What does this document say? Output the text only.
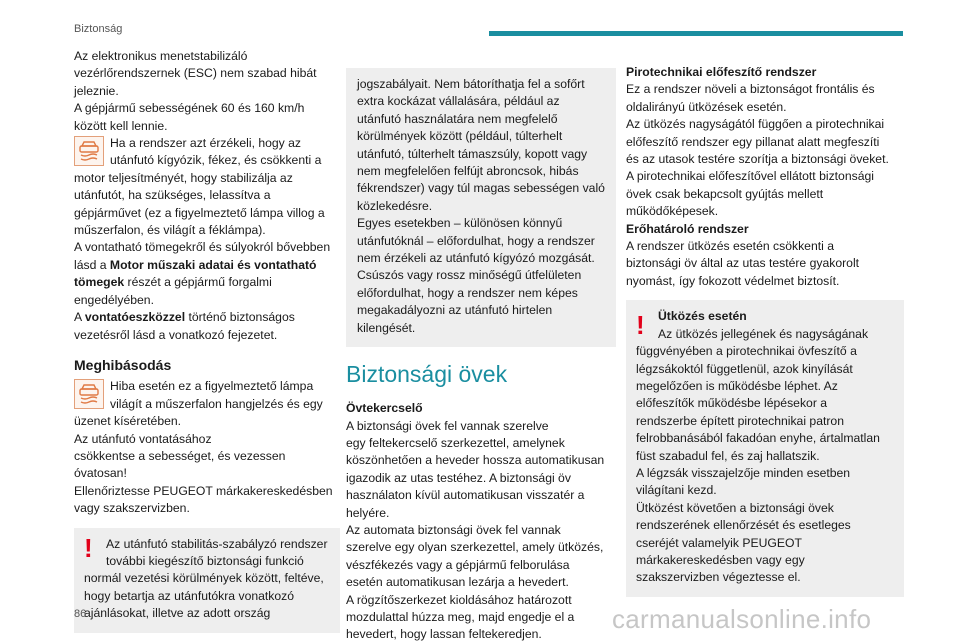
Biztonság

Az elektronikus menetstabilizáló
vezérlőrendszernek (ESC) nem szabad hibát
jeleznie.
A gépjármű sebességének 60 és 160 km/h
között kell lennie.

Ha a rendszer azt érzékeli, hogy az
utánfutó kígyózik, fékez, és csökkenti a
motor teljesítményét, hogy stabilizálja az
utánfutót, ha szükséges, lelassítva a
gépjárművet (ez a figyelmeztető lámpa villog a
műszerfalon, és világít a féklámpa).

A vontatható tömegekről és súlyokról bővebben lásd a Motor műszaki adatai és vontatható tömegek részét a gépjármű forgalmi engedélyében.

A vontatóeszközzel történő biztonságos vezetésről lásd a vonatkozó fejezetet.

Meghibásodás

Hiba esetén ez a figyelmeztető lámpa
világít a műszerfalon hangjelzés és egy
üzenet kíséretében.

Az utánfutó vontatásához
csökkentse a sebességet, és vezessen
óvatosan!
Ellenőriztesse PEUGEOT márkakereskedésben
vagy szakszervizben.

!	Az utánfutó stabilitás-szabályzó rendszer
további kiegészítő biztonsági funkció
normál vezetési körülmények között, feltéve,
hogy betartja az utánfutókra vonatkozó
ajánlásokat, illetve az adott ország

jogszabályait. Nem bátoríthatja fel a sofőrt
extra kockázat vállalására, például az
utánfutó használatára nem megfelelő
körülmények között (például, túlterhelt
utánfutó, túlterhelt támaszsúly, kopott vagy
nem megfelelően felfújt abroncsok, hibás
fékrendszer) vagy túl magas sebességen való
közlekedésre.
Egyes esetekben – különösen könnyű
utánfutóknál – előfordulhat, hogy a rendszer
nem érzékeli az utánfutó kígyózó mozgását.
Csúszós vagy rossz minőségű útfelületen
előfordulhat, hogy a rendszer nem képes
megakadályozni az utánfutó hirtelen
kilengését.

Biztonsági övek

Övtekercselő

A biztonsági övek fel vannak szerelve
egy feltekercselő szerkezettel, amelynek
köszönhetően a heveder hossza automatikusan
igazodik az utas testéhez. A biztonsági öv
használaton kívül automatikusan visszatér a
helyére.
Az automata biztonsági övek fel vannak
szerelve egy olyan szerkezettel, amely ütközés,
vészfékezés vagy a gépjármű felborulása
esetén automatikusan lezárja a hevedert.
A rögzítőszerkezet kioldásához határozott
mozdulattal húzza meg, majd engedje el a
hevedert, hogy lassan feltekeredjen.

Pirotechnikai előfeszítő rendszer

Ez a rendszer növeli a biztonságot frontális és
oldalirányú ütközések esetén.
Az ütközés nagyságától függően a pirotechnikai
előfeszítő rendszer egy pillanat alatt megfeszíti
és az utasok testére szorítja a biztonsági öveket.
A pirotechnikai előfeszítővel ellátott biztonsági
övek csak bekapcsolt gyújtás mellett
működőképesek.

Erőhatároló rendszer

A rendszer ütközés esetén csökkenti a
biztonsági öv által az utas testére gyakorolt
nyomást, így fokozott védelmet biztosít.

!	Ütközés esetén
Az ütközés jellegének és nagyságának
függvényében a pirotechnikai övfeszítő a
légzsákoktól függetlenül, azok kinyílását
megelőzően is működésbe léphet. Az
előfeszítők működésbe lépésekor a
rendszerbe épített pirotechnikai patron
felrobbanásából fakadóan enyhe, ártalmatlan
füst szabadul fel, és zaj hallatszik.
A légzsák visszajelzője minden esetben
világítani kezd.
Ütközést követően a biztonsági övek
rendszerének ellenőrzését és esetleges
cseréjét valamelyik PEUGEOT
márkakereskedésben vagy egy
szakszervizben végeztesse el.

86	carmanualsonline.info
